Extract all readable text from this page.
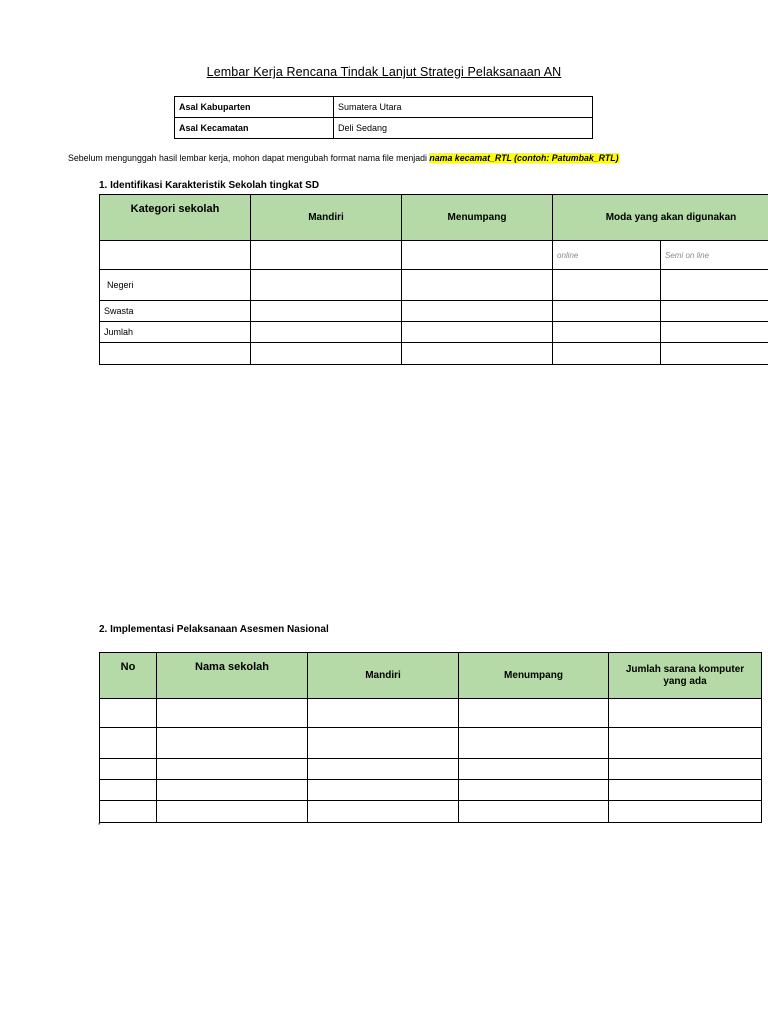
Lembar Kerja Rencana Tindak Lanjut Strategi Pelaksanaan AN
Asal Kabuparten	Sumatera Utara
Asal Kecamatan	Deli Sedang
Sebelum mengunggah hasil lembar kerja, mohon dapat mengubah format nama file menjadi nama kecamat_RTL (contoh: Patumbak_RTL)
1. Identifikasi Karakteristik Sekolah tingkat SD
Kategori sekolah	Mandiri	Menumpang	Moda yang akan digunakan	
			online	Semi on line
Negeri				
Swasta				
Jumlah				

2. Implementasi Pelaksanaan Asesmen Nasional
No	Nama sekolah	Mandiri	Menumpang	Jumlah sarana komputer yang ada

*
